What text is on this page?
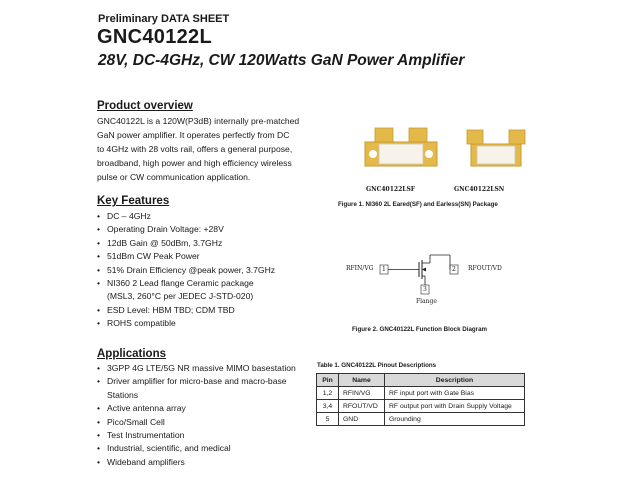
Preliminary DATA SHEET
GNC40122L
28V, DC-4GHz, CW 120Watts GaN Power Amplifier
Product overview
GNC40122L is a 120W(P3dB) internally pre-matched
GaN power amplifier. It operates perfectly from DC
to 4GHz with 28 volts rail, offers a general purpose,
broadband, high power and high efficiency wireless
pulse or CW communication application.
Key Features
• DC – 4GHz
• Operating Drain Voltage: +28V
• 12dB Gain @ 50dBm, 3.7GHz
• 51dBm CW Peak Power
• 51% Drain Efficiency @peak power, 3.7GHz
• NI360 2 Lead flange Ceramic package
(MSL3, 260°C per JEDEC J-STD-020)
• ESD Level: HBM TBD; CDM TBD
• ROHS compatible
Applications
• 3GPP 4G LTE/5G NR massive MIMO basestation
• Driver amplifier for micro-base and macro-base
Stations
• Active antenna array
• Pico/Small Cell
• Test Instrumentation
• Industrial, scientific, and medical
• Wideband amplifiers
GNC40122LSF	GNC40122LSN
Figure 1. NI360 2L Eared(SF) and Earless(SN) Package
RFIN/VG 1	2 RFOUT/VD
3
Flange
Figure 2. GNC40122L Function Block Diagram
Table 1. GNC40122L Pinout Descriptions
Pin	Name	Description
1,2	RFIN/VG	RF input port with Gate Bias
3,4	RFOUT/VD	RF output port with Drain Supply Voltage
5	GND	Grounding
